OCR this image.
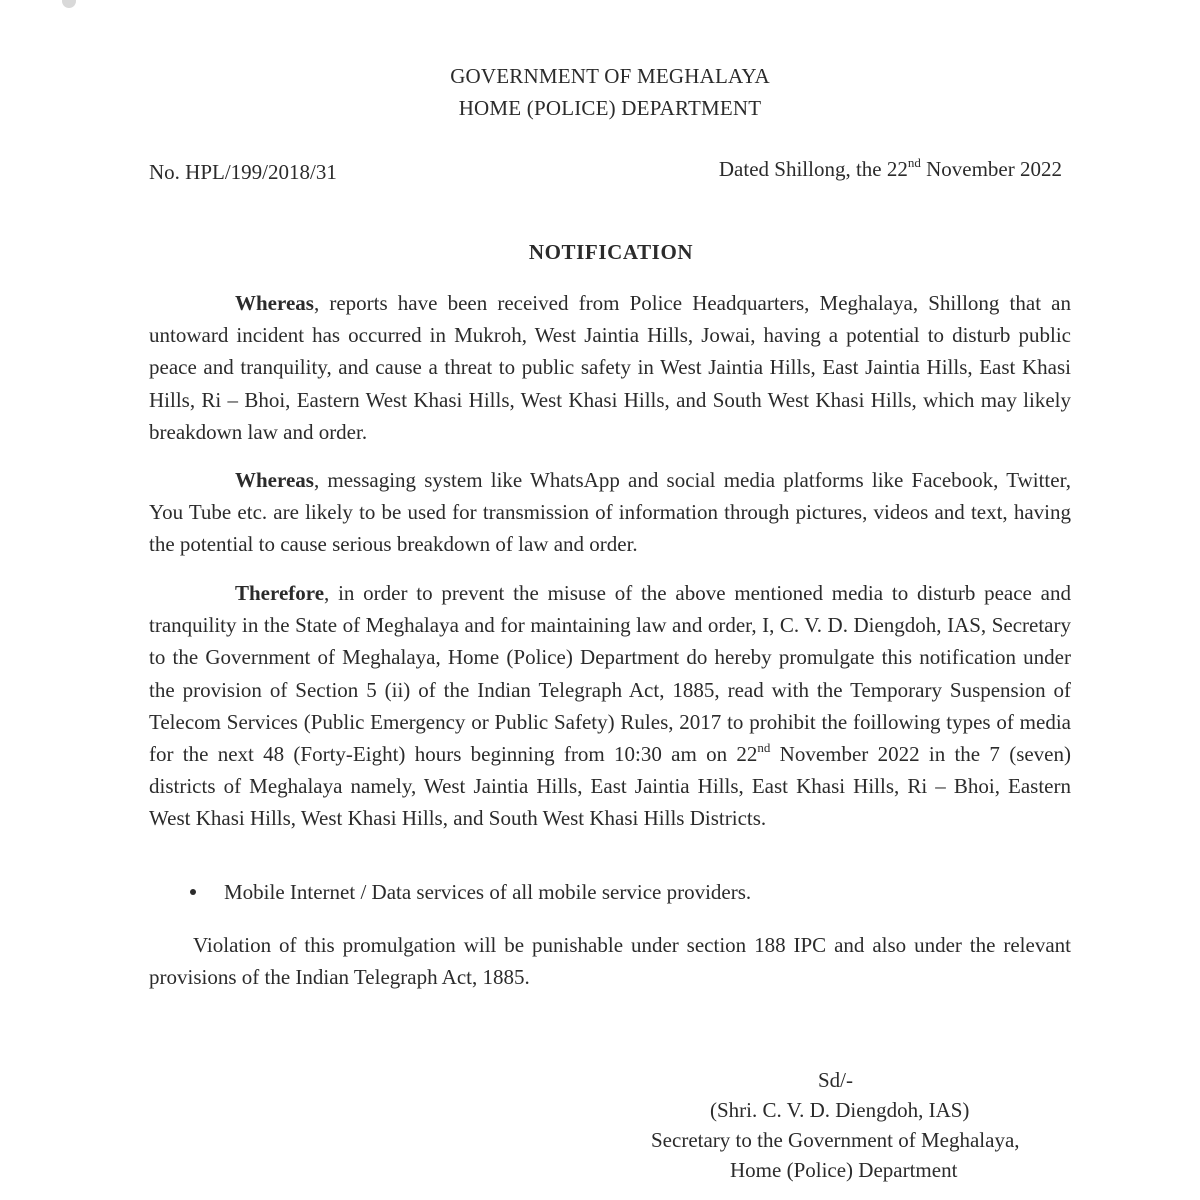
GOVERNMENT OF MEGHALAYA
HOME (POLICE) DEPARTMENT
No. HPL/199/2018/31	Dated Shillong, the 22nd November 2022
NOTIFICATION

Whereas, reports have been received from Police Headquarters, Meghalaya, Shillong that an untoward incident has occurred in Mukroh, West Jaintia Hills, Jowai, having a potential to disturb public peace and tranquility, and cause a threat to public safety in West Jaintia Hills, East Jaintia Hills, East Khasi Hills, Ri – Bhoi, Eastern West Khasi Hills, West Khasi Hills, and South West Khasi Hills, which may likely breakdown law and order.

Whereas, messaging system like WhatsApp and social media platforms like Facebook, Twitter, You Tube etc. are likely to be used for transmission of information through pictures, videos and text, having the potential to cause serious breakdown of law and order.

Therefore, in order to prevent the misuse of the above mentioned media to disturb peace and tranquility in the State of Meghalaya and for maintaining law and order, I, C. V. D. Diengdoh, IAS, Secretary to the Government of Meghalaya, Home (Police) Department do hereby promulgate this notification under the provision of Section 5 (ii) of the Indian Telegraph Act, 1885, read with the Temporary Suspension of Telecom Services (Public Emergency or Public Safety) Rules, 2017 to prohibit the foillowing types of media for the next 48 (Forty-Eight) hours beginning from 10:30 am on 22nd November 2022 in the 7 (seven) districts of Meghalaya namely, West Jaintia Hills, East Jaintia Hills, East Khasi Hills, Ri – Bhoi, Eastern West Khasi Hills, West Khasi Hills, and South West Khasi Hills Districts.

Mobile Internet / Data services of all mobile service providers.

Violation of this promulgation will be punishable under section 188 IPC and also under the relevant provisions of the Indian Telegraph Act, 1885.

Sd/-
(Shri. C. V. D. Diengdoh, IAS)
Secretary to the Government of Meghalaya,
Home (Police) Department
